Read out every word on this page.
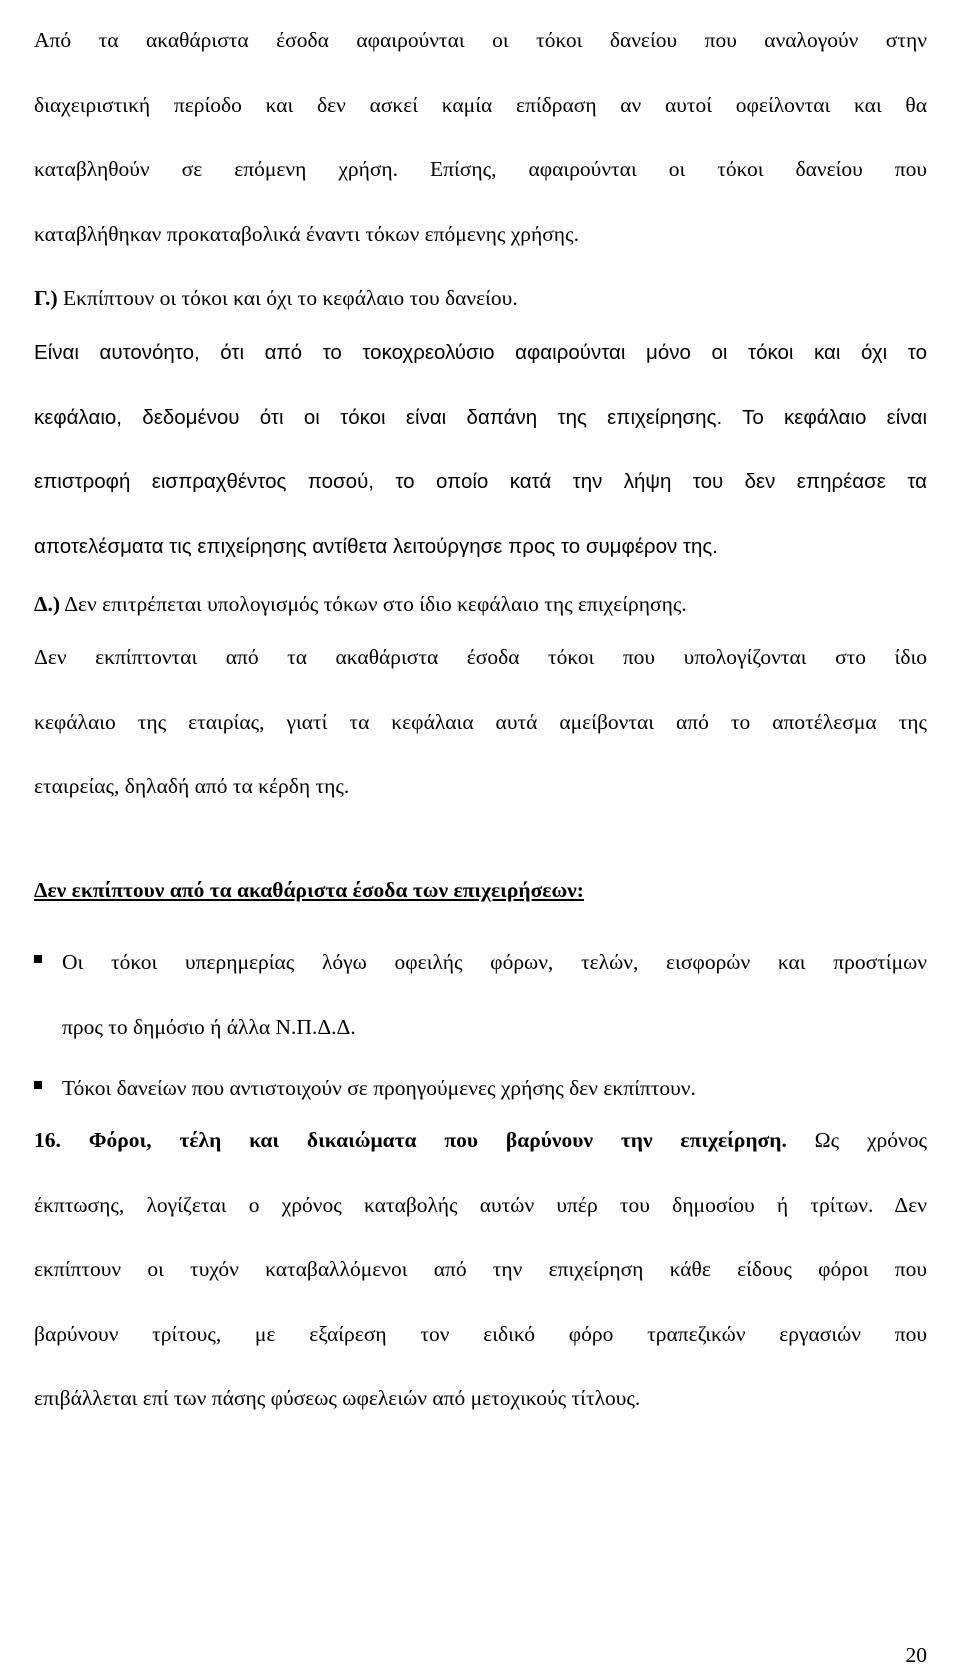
Από τα ακαθάριστα έσοδα αφαιρούνται οι τόκοι δανείου που αναλογούν στην
διαχειριστική περίοδο και δεν ασκεί καμία επίδραση αν αυτοί οφείλονται και θα
καταβληθούν σε επόμενη χρήση. Επίσης, αφαιρούνται οι τόκοι δανείου που
καταβλήθηκαν προκαταβολικά έναντι τόκων επόμενης χρήσης.
Γ.) Εκπίπτουν οι τόκοι και όχι το κεφάλαιο του δανείου.
Είναι αυτονόητο, ότι από το τοκοχρεολύσιο αφαιρούνται μόνο οι τόκοι και όχι το
κεφάλαιο, δεδομένου ότι οι τόκοι είναι δαπάνη της επιχείρησης. Το κεφάλαιο είναι
επιστροφή εισπραχθέντος ποσού, το οποίο κατά την λήψη του δεν επηρέασε τα
αποτελέσματα τις επιχείρησης αντίθετα λειτούργησε προς το συμφέρον της.
Δ.) Δεν επιτρέπεται υπολογισμός τόκων στο ίδιο κεφάλαιο της επιχείρησης.
Δεν εκπίπτονται από τα ακαθάριστα έσοδα τόκοι που υπολογίζονται στο ίδιο
κεφάλαιο της εταιρίας, γιατί τα κεφάλαια αυτά αμείβονται από το αποτέλεσμα της
εταιρείας, δηλαδή από τα κέρδη της.

Δεν εκπίπτουν από τα ακαθάριστα έσοδα των επιχειρήσεων:

Οι τόκοι υπερημερίας λόγω οφειλής φόρων, τελών, εισφορών και προστίμων
προς το δημόσιο ή άλλα Ν.Π.Δ.Δ.
Τόκοι δανείων που αντιστοιχούν σε προηγούμενες χρήσης δεν εκπίπτουν.
16. Φόροι, τέλη και δικαιώματα που βαρύνουν την επιχείρηση. Ως χρόνος
έκπτωσης, λογίζεται ο χρόνος καταβολής αυτών υπέρ του δημοσίου ή τρίτων. Δεν
εκπίπτουν οι τυχόν καταβαλλόμενοι από την επιχείρηση κάθε είδους φόροι που
βαρύνουν τρίτους, με εξαίρεση τον ειδικό φόρο τραπεζικών εργασιών που
επιβάλλεται επί των πάσης φύσεως ωφελειών από μετοχικούς τίτλους.

20
